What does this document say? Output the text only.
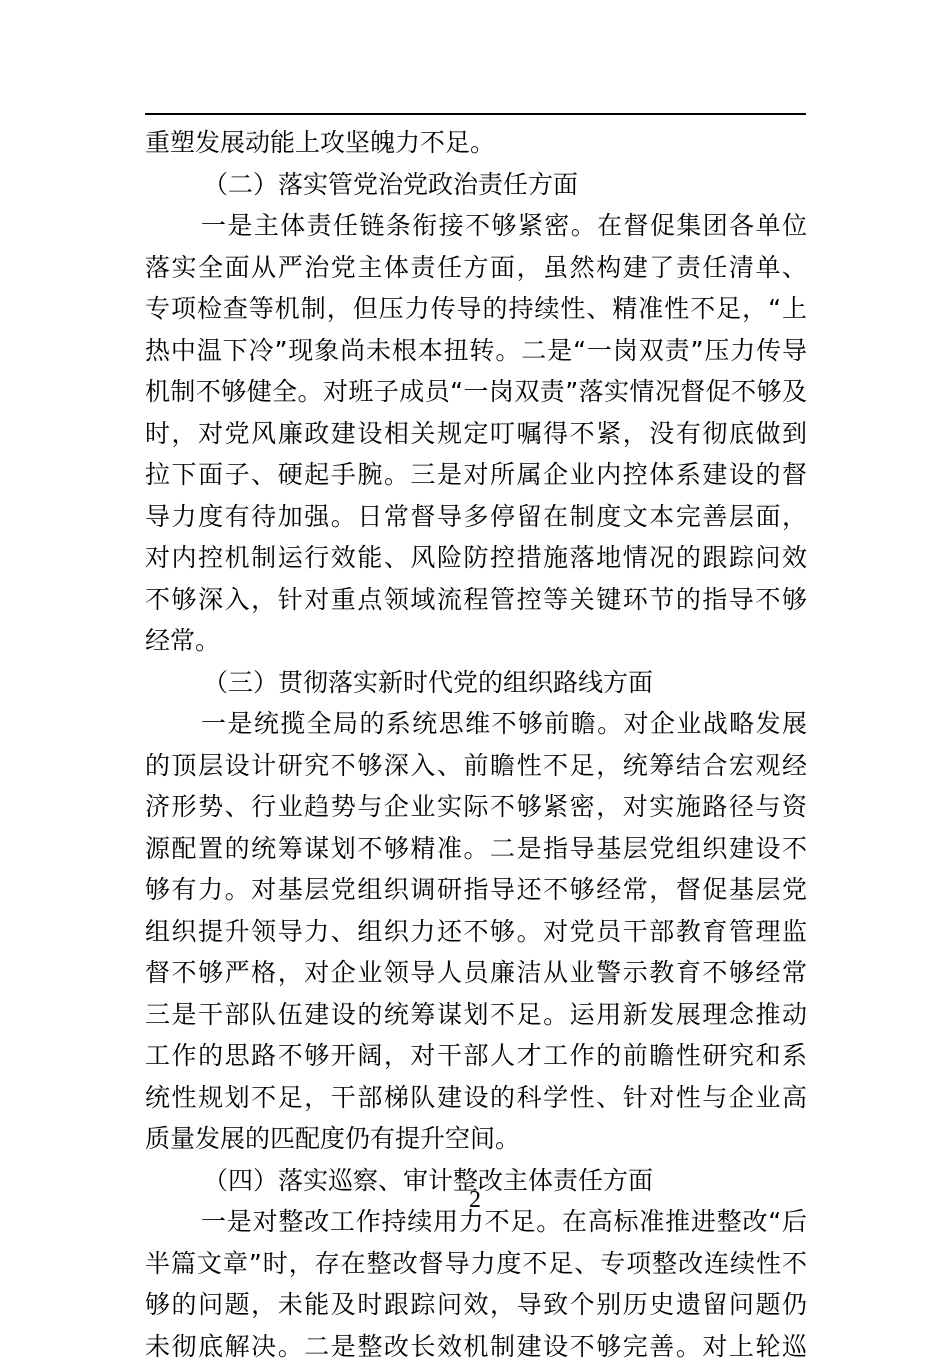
重塑发展动能上攻坚魄力不足。
（二）落实管党治党政治责任方面
一是主体责任链条衔接不够紧密。在督促集团各单位
落实全面从严治党主体责任方面，虽然构建了责任清单、
专项检查等机制，但压力传导的持续性、精准性不足，“上
热中温下冷”现象尚未根本扭转。二是“一岗双责”压力传导
机制不够健全。对班子成员“一岗双责”落实情况督促不够及
时，对党风廉政建设相关规定叮嘱得不紧，没有彻底做到
拉下面子、硬起手腕。三是对所属企业内控体系建设的督
导力度有待加强。日常督导多停留在制度文本完善层面，
对内控机制运行效能、风险防控措施落地情况的跟踪问效
不够深入，针对重点领域流程管控等关键环节的指导不够
经常。
（三）贯彻落实新时代党的组织路线方面
一是统揽全局的系统思维不够前瞻。对企业战略发展
的顶层设计研究不够深入、前瞻性不足，统筹结合宏观经
济形势、行业趋势与企业实际不够紧密，对实施路径与资
源配置的统筹谋划不够精准。二是指导基层党组织建设不
够有力。对基层党组织调研指导还不够经常，督促基层党
组织提升领导力、组织力还不够。对党员干部教育管理监
督不够严格，对企业领导人员廉洁从业警示教育不够经常
三是干部队伍建设的统筹谋划不足。运用新发展理念推动
工作的思路不够开阔，对干部人才工作的前瞻性研究和系
统性规划不足，干部梯队建设的科学性、针对性与企业高
质量发展的匹配度仍有提升空间。
（四）落实巡察、审计整改主体责任方面
一是对整改工作持续用力不足。在高标准推进整改“后
半篇文章”时，存在整改督导力度不足、专项整改连续性不
够的问题，未能及时跟踪问效，导致个别历史遗留问题仍
未彻底解决。二是整改长效机制建设不够完善。对上轮巡
2
